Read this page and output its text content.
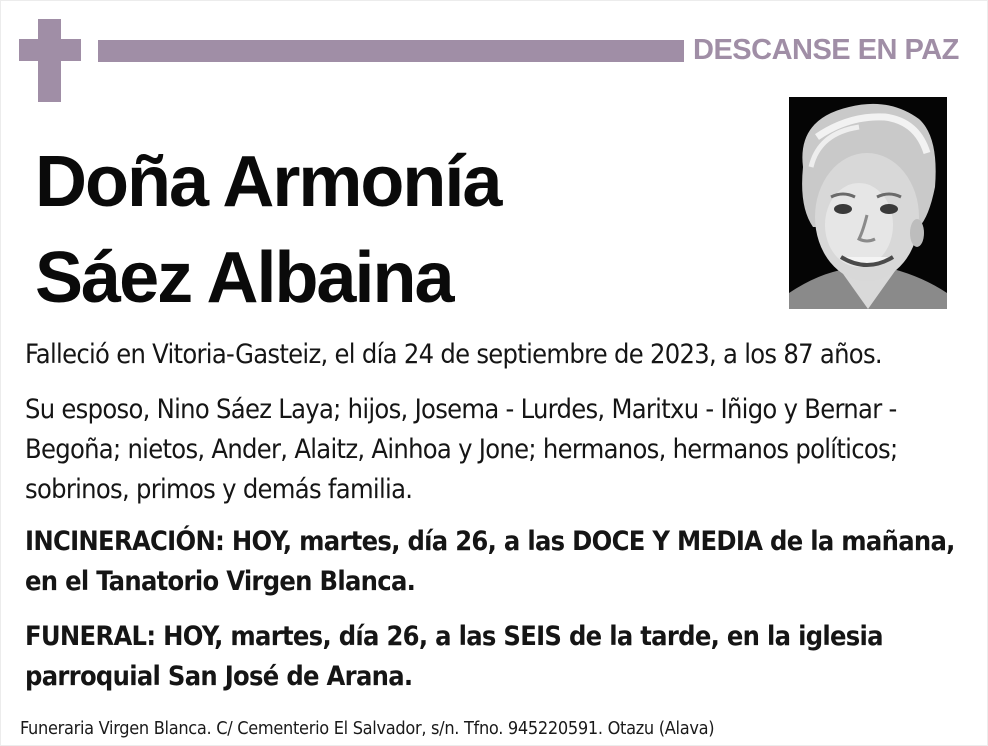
DESCANSE EN PAZ
Doña Armonía
Sáez Albaina
Falleció en Vitoria-Gasteiz, el día 24 de septiembre de 2023, a los 87 años.
Su esposo, Nino Sáez Laya; hijos, Josema - Lurdes, Maritxu - Iñigo y Bernar - Begoña; nietos, Ander, Alaitz, Ainhoa y Jone; hermanos, hermanos políticos; sobrinos, primos y demás familia.
INCINERACIÓN: HOY, martes, día 26, a las DOCE Y MEDIA de la mañana, en el Tanatorio Virgen Blanca.
FUNERAL: HOY, martes, día 26, a las SEIS de la tarde, en la iglesia parroquial San José de Arana.
Funeraria Virgen Blanca. C/ Cementerio El Salvador, s/n. Tfno. 945220591. Otazu (Alava)
